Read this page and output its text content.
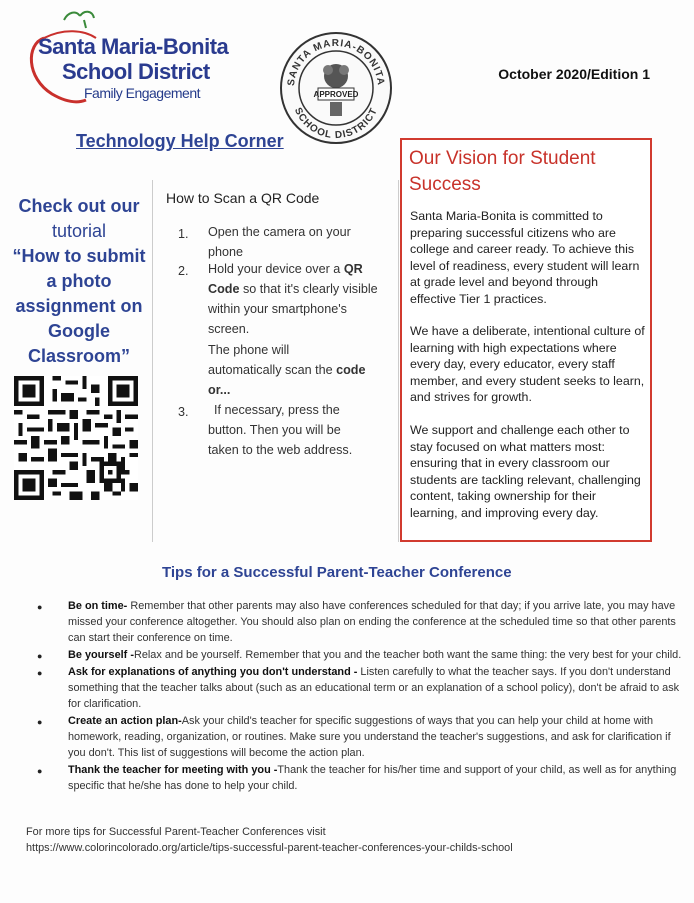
Santa Maria-Bonita
School District
Family Engagement
SANTA MARIA-BONITA
SCHOOL DISTRICT
APPROVED
October 2020/Edition 1
Technology Help Corner
Check out our
tutorial
“How to submit
a photo
assignment on
Google
Classroom”
How to Scan a QR Code
1. Open the camera on your phone
2. Hold your device over a QR Code so that it's clearly visible within your smartphone's screen.
The phone will automatically scan the code or...
3.	If necessary, press the button. Then you will be taken to the web address.
Our Vision for Student Success

Santa Maria-Bonita is committed to preparing successful citizens who are college and career ready. To achieve this level of readiness, every student will learn at grade level and beyond through effective Tier 1 practices.

We have a deliberate, intentional culture of learning with high expectations where every day, every educator, every staff member, and every student seeks to learn, and strives for growth.

We support and challenge each other to stay focused on what matters most: ensuring that in every classroom our students are tackling relevant, challenging content, taking ownership for their learning, and improving every day.

Tips for a Successful Parent-Teacher Conference
● Be on time- Remember that other parents may also have conferences scheduled for that day; if you arrive late, you may have missed your conference altogether. You should also plan on ending the conference at the scheduled time so that other parents can start their conference on time.
● Be yourself -Relax and be yourself. Remember that you and the teacher both want the same thing: the very best for your child.
● Ask for explanations of anything you don't understand - Listen carefully to what the teacher says. If you don't understand something that the teacher talks about (such as an educational term or an explanation of a school policy), don't be afraid to ask for clarification.
● Create an action plan-Ask your child's teacher for specific suggestions of ways that you can help your child at home with homework, reading, organization, or routines. Make sure you understand the teacher's suggestions, and ask for clarification if you don't. This list of suggestions will become the action plan.
● Thank the teacher for meeting with you -Thank the teacher for his/her time and support of your child, as well as for anything specific that he/she has done to help your child.
For more tips for Successful Parent-Teacher Conferences visit
https://www.colorincolorado.org/article/tips-successful-parent-teacher-conferences-your-childs-school
